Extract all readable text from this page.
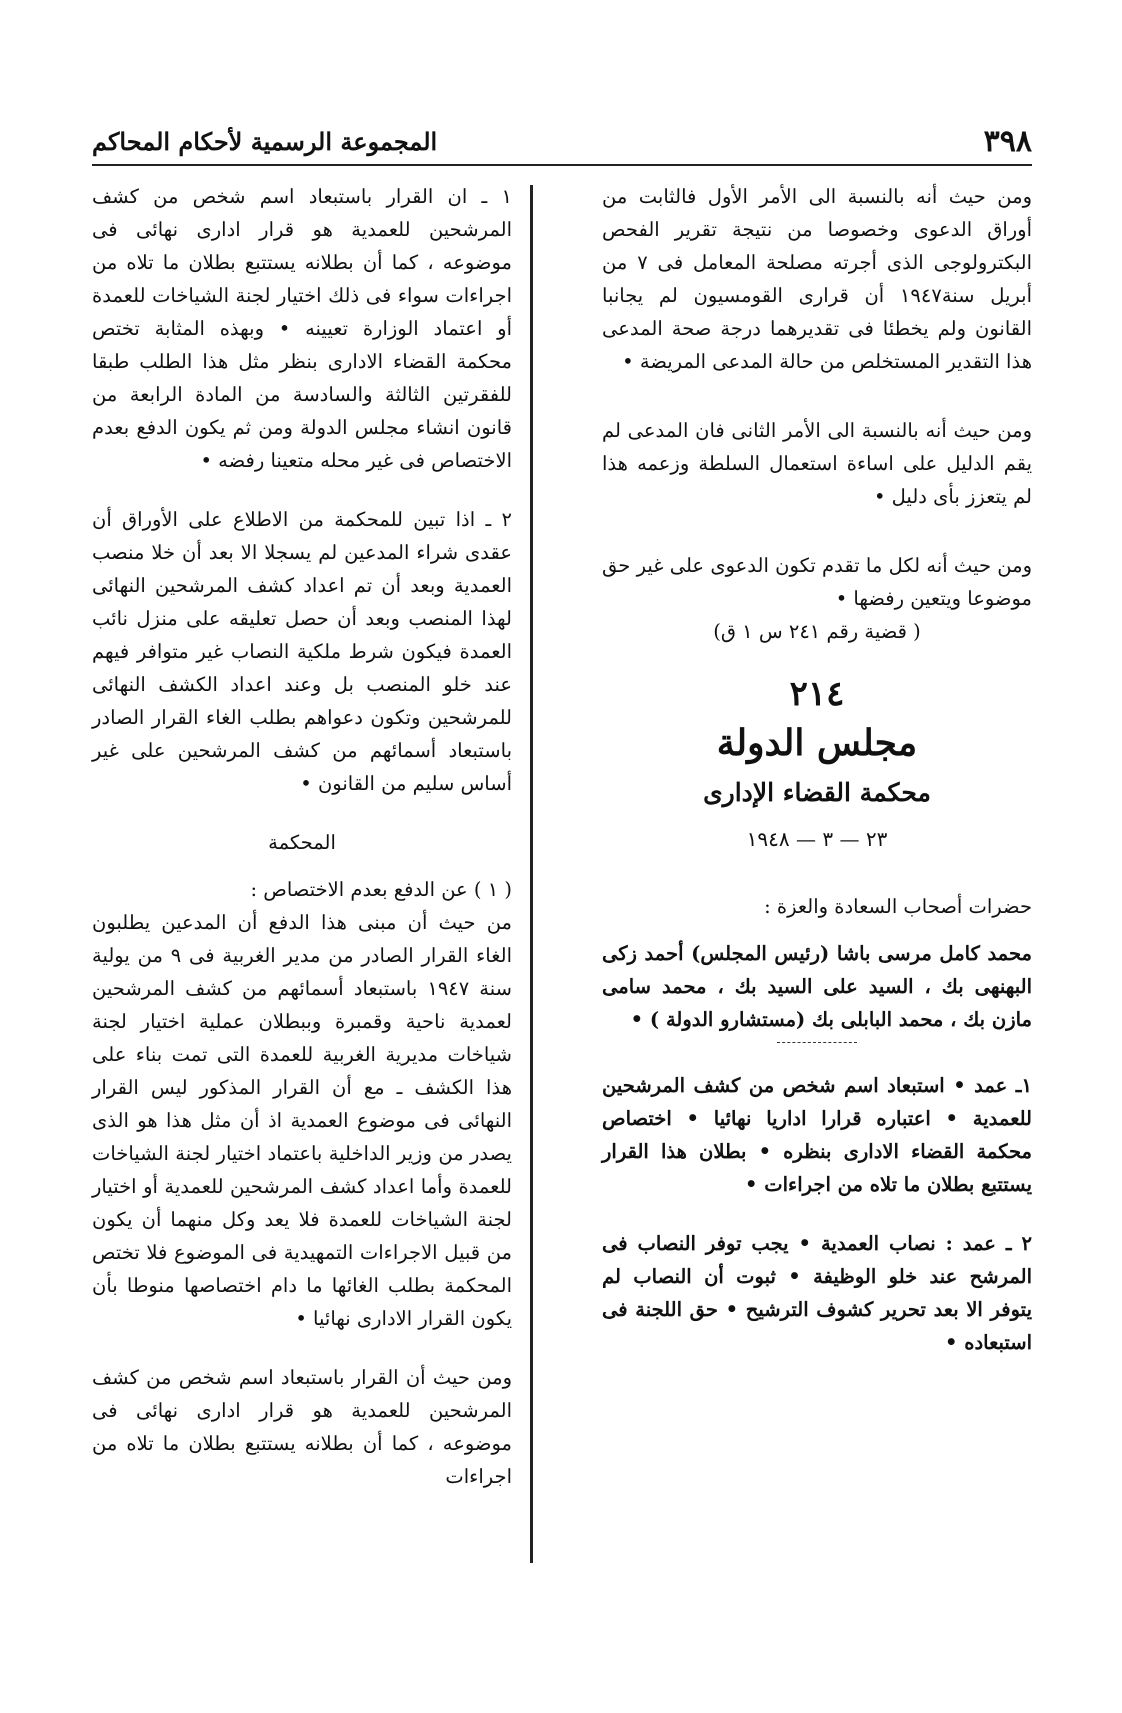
٣٩٨
المجموعة الرسمية لأحكام المحاكم

ومن حيث أنه بالنسبة الى الأمر الأول فالثابت من أوراق الدعوى وخصوصا من نتيجة تقرير الفحص البكترولوجى الذى أجرته مصلحة المعامل فى ٧ من أبريل سنة١٩٤٧ أن قرارى القومسيون لم يجانبا القانون ولم يخطئا فى تقديرهما درجة صحة المدعى هذا التقدير المستخلص من حالة المدعى المريضة •

ومن حيث أنه بالنسبة الى الأمر الثانى فان المدعى لم يقم الدليل على اساءة استعمال السلطة وزعمه هذا لم يتعزز بأى دليل •

ومن حيث أنه لكل ما تقدم تكون الدعوى على غير حق موضوعا ويتعين رفضها •

( قضية رقم ٢٤١ س ١ ق)

٢١٤
مجلس الدولة
محكمة القضاء الإدارى
٢٣ — ٣ — ١٩٤٨

حضرات أصحاب السعادة والعزة :

محمد كامل مرسى باشا (رئيس المجلس) أحمد زكى البهنهى بك ، السيد على السيد بك ، محمد سامى مازن بك ، محمد البابلى بك (مستشارو الدولة ) •

١ـ عمد • استبعاد اسم شخص من كشف المرشحين للعمدية • اعتباره قرارا اداريا نهائيا • اختصاص محكمة القضاء الادارى بنظره • بطلان هذا القرار يستتبع بطلان ما تلاه من اجراءات •

٢ ـ عمد : نصاب العمدية • يجب توفر النصاب فى المرشح عند خلو الوظيفة • ثبوت أن النصاب لم يتوفر الا بعد تحرير كشوف الترشيح • حق اللجنة فى استبعاده •

١ ـ ان القرار باستبعاد اسم شخص من كشف المرشحين للعمدية هو قرار ادارى نهائى فى موضوعه ، كما أن بطلانه يستتبع بطلان ما تلاه من اجراءات سواء فى ذلك اختيار لجنة الشياخات للعمدة أو اعتماد الوزارة تعيينه • وبهذه المثابة تختص محكمة القضاء الادارى بنظر مثل هذا الطلب طبقا للفقرتين الثالثة والسادسة من المادة الرابعة من قانون انشاء مجلس الدولة ومن ثم يكون الدفع بعدم الاختصاص فى غير محله متعينا رفضه •

٢ ـ اذا تبين للمحكمة من الاطلاع على الأوراق أن عقدى شراء المدعين لم يسجلا الا بعد أن خلا منصب العمدية وبعد أن تم اعداد كشف المرشحين النهائى لهذا المنصب وبعد أن حصل تعليقه على منزل نائب العمدة فيكون شرط ملكية النصاب غير متوافر فيهم عند خلو المنصب بل وعند اعداد الكشف النهائى للمرشحين وتكون دعواهم بطلب الغاء القرار الصادر باستبعاد أسمائهم من كشف المرشحين على غير أساس سليم من القانون •

المحكمة

( ١ ) عن الدفع بعدم الاختصاص :

من حيث أن مبنى هذا الدفع أن المدعين يطلبون الغاء القرار الصادر من مدير الغربية فى ٩ من يولية سنة ١٩٤٧ باستبعاد أسمائهم من كشف المرشحين لعمدية ناحية وقمبرة وببطلان عملية اختيار لجنة شياخات مديرية الغربية للعمدة التى تمت بناء على هذا الكشف ـ مع أن القرار المذكور ليس القرار النهائى فى موضوع العمدية اذ أن مثل هذا هو الذى يصدر من وزير الداخلية باعتماد اختيار لجنة الشياخات للعمدة وأما اعداد كشف المرشحين للعمدية أو اختيار لجنة الشياخات للعمدة فلا يعد وكل منهما أن يكون من قبيل الاجراءات التمهيدية فى الموضوع فلا تختص المحكمة بطلب الغائها ما دام اختصاصها منوطا بأن يكون القرار الادارى نهائيا •

ومن حيث أن القرار باستبعاد اسم شخص من كشف المرشحين للعمدية هو قرار ادارى نهائى فى موضوعه ، كما أن بطلانه يستتبع بطلان ما تلاه من اجراءات
